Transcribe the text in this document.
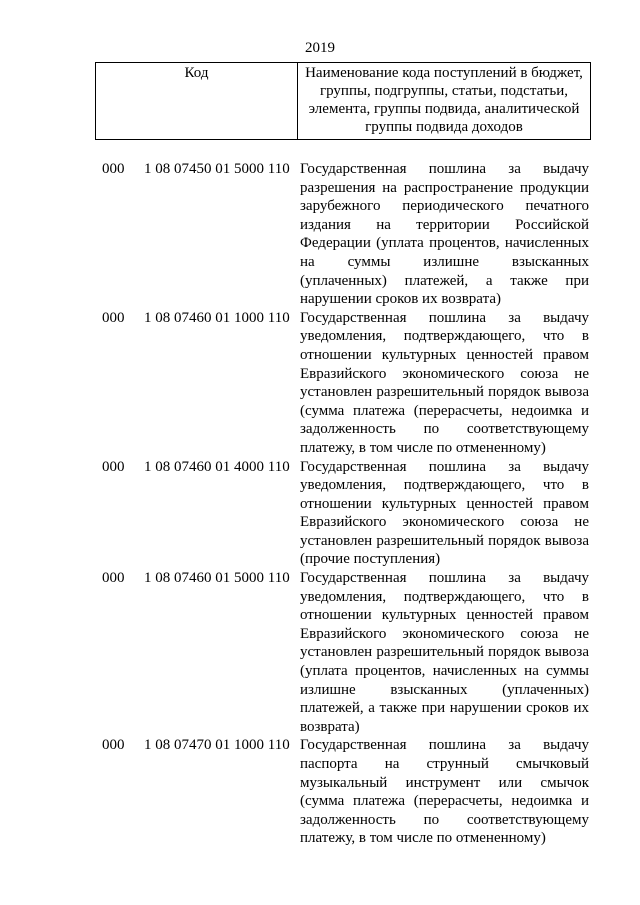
2019
Код	Наименование кода поступлений в бюджет, группы, подгруппы, статьи, подстатьи, элемента, группы подвида, аналитической группы подвида доходов
000 1 08 07450 01 5000 110 Государственная пошлина за выдачу разрешения на распространение продукции зарубежного периодического печатного издания на территории Российской Федерации (уплата процентов, начисленных на суммы излишне взысканных (уплаченных) платежей, а также при нарушении сроков их возврата)
000 1 08 07460 01 1000 110 Государственная пошлина за выдачу уведомления, подтверждающего, что в отношении культурных ценностей правом Евразийского экономического союза не установлен разрешительный порядок вывоза (сумма платежа (перерасчеты, недоимка и задолженность по соответствующему платежу, в том числе по отмененному)
000 1 08 07460 01 4000 110 Государственная пошлина за выдачу уведомления, подтверждающего, что в отношении культурных ценностей правом Евразийского экономического союза не установлен разрешительный порядок вывоза (прочие поступления)
000 1 08 07460 01 5000 110 Государственная пошлина за выдачу уведомления, подтверждающего, что в отношении культурных ценностей правом Евразийского экономического союза не установлен разрешительный порядок вывоза (уплата процентов, начисленных на суммы излишне взысканных (уплаченных) платежей, а также при нарушении сроков их возврата)
000 1 08 07470 01 1000 110 Государственная пошлина за выдачу паспорта на струнный смычковый музыкальный инструмент или смычок (сумма платежа (перерасчеты, недоимка и задолженность по соответствующему платежу, в том числе по отмененному)
